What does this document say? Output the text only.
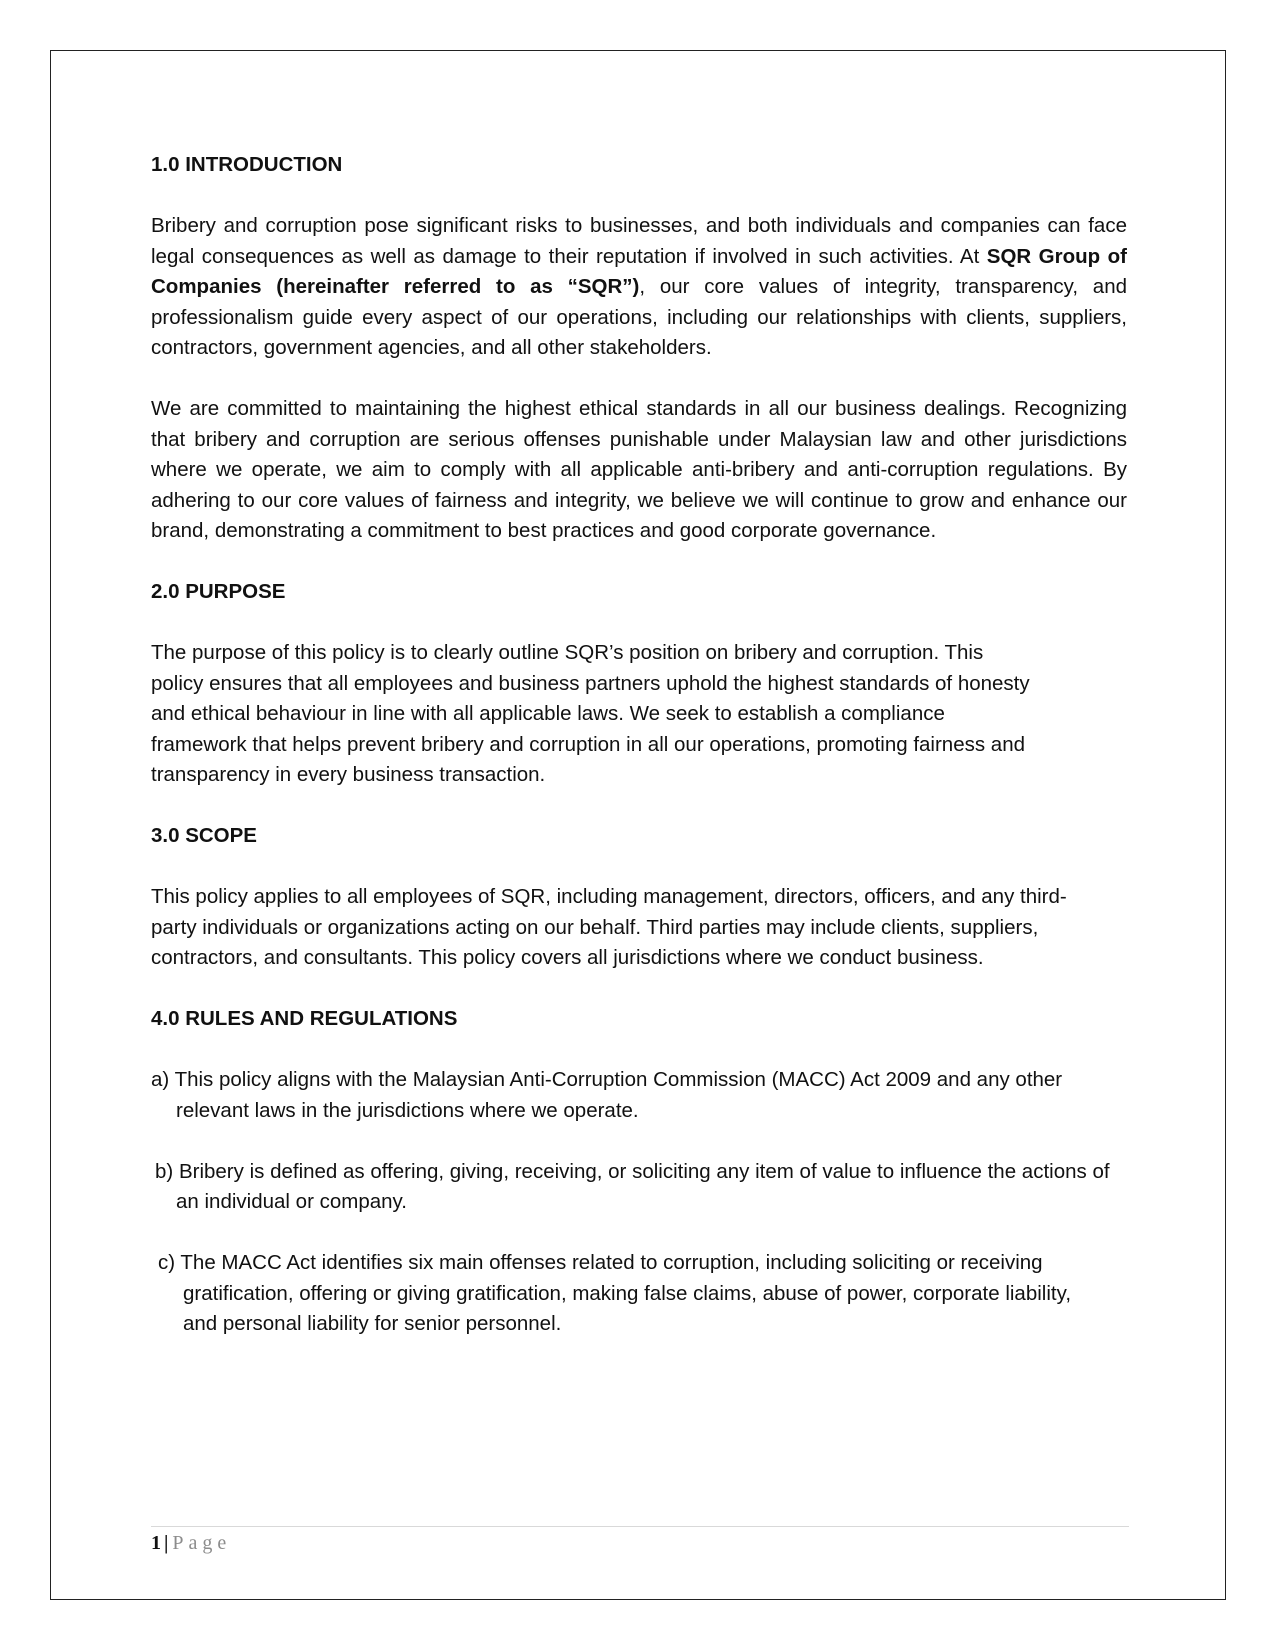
1.0 INTRODUCTION

Bribery and corruption pose significant risks to businesses, and both individuals and companies can face legal consequences as well as damage to their reputation if involved in such activities. At SQR Group of Companies (hereinafter referred to as “SQR”), our core values of integrity, transparency, and professionalism guide every aspect of our operations, including our relationships with clients, suppliers, contractors, government agencies, and all other stakeholders.

We are committed to maintaining the highest ethical standards in all our business dealings. Recognizing that bribery and corruption are serious offenses punishable under Malaysian law and other jurisdictions where we operate, we aim to comply with all applicable anti-bribery and anti-corruption regulations. By adhering to our core values of fairness and integrity, we believe we will continue to grow and enhance our brand, demonstrating a commitment to best practices and good corporate governance.

2.0 PURPOSE

The purpose of this policy is to clearly outline SQR’s position on bribery and corruption. This policy ensures that all employees and business partners uphold the highest standards of honesty and ethical behaviour in line with all applicable laws. We seek to establish a compliance framework that helps prevent bribery and corruption in all our operations, promoting fairness and transparency in every business transaction.

3.0 SCOPE

This policy applies to all employees of SQR, including management, directors, officers, and any third-party individuals or organizations acting on our behalf. Third parties may include clients, suppliers, contractors, and consultants. This policy covers all jurisdictions where we conduct business.

4.0 RULES AND REGULATIONS

a) This policy aligns with the Malaysian Anti-Corruption Commission (MACC) Act 2009 and any other relevant laws in the jurisdictions where we operate.

b) Bribery is defined as offering, giving, receiving, or soliciting any item of value to influence the actions of an individual or company.

c) The MACC Act identifies six main offenses related to corruption, including soliciting or receiving gratification, offering or giving gratification, making false claims, abuse of power, corporate liability, and personal liability for senior personnel.

1 | Page
